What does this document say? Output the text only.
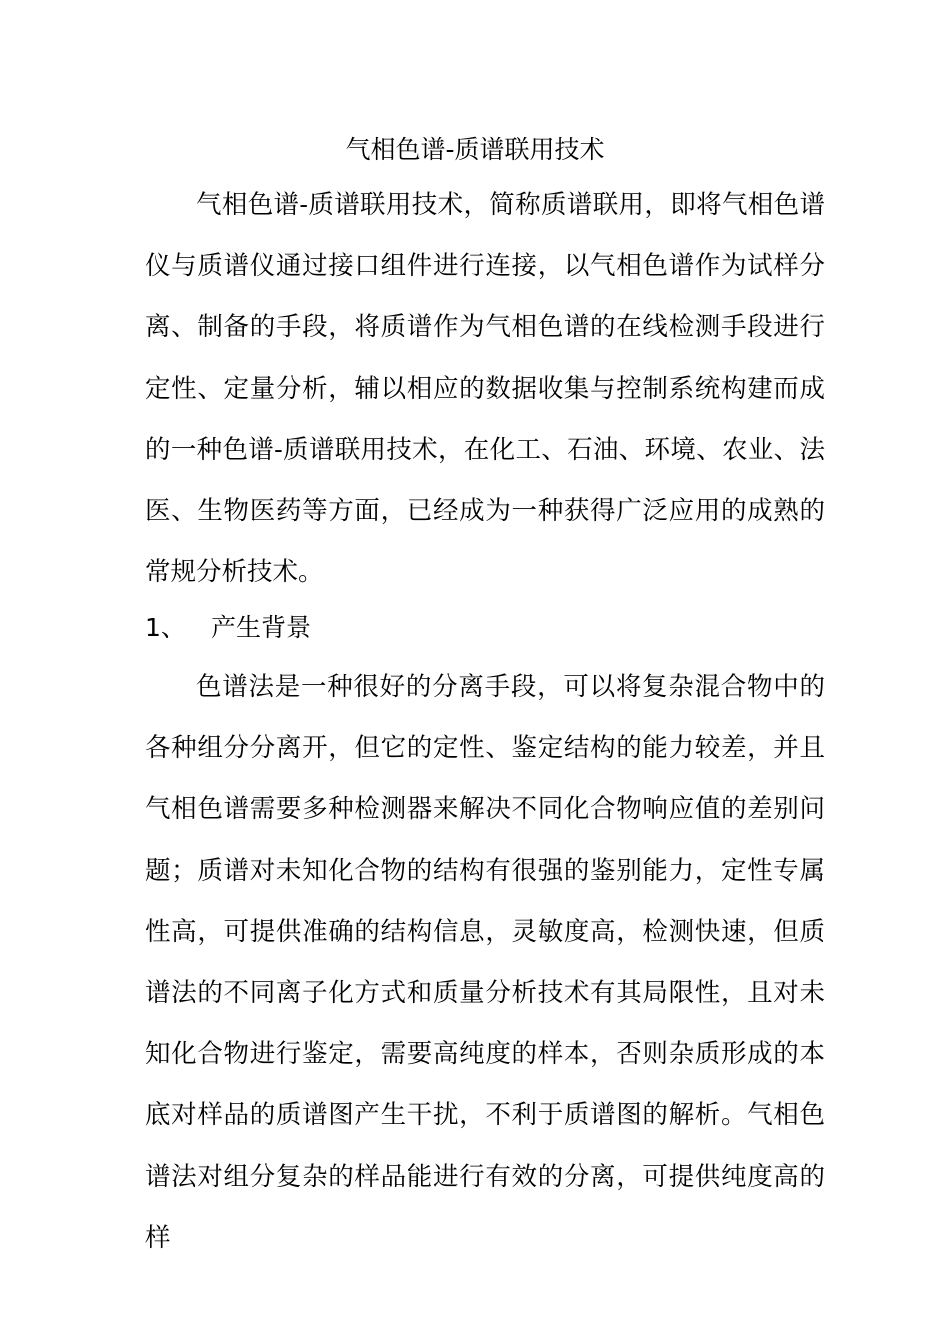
气相色谱-质谱联用技术

气相色谱-质谱联用技术，简称质谱联用，即将气相色谱仪与质谱仪通过接口组件进行连接，以气相色谱作为试样分离、制备的手段，将质谱作为气相色谱的在线检测手段进行定性、定量分析，辅以相应的数据收集与控制系统构建而成的一种色谱-质谱联用技术，在化工、石油、环境、农业、法医、生物医药等方面，已经成为一种获得广泛应用的成熟的常规分析技术。

1、 产生背景

色谱法是一种很好的分离手段，可以将复杂混合物中的各种组分分离开，但它的定性、鉴定结构的能力较差，并且气相色谱需要多种检测器来解决不同化合物响应值的差别问题；质谱对未知化合物的结构有很强的鉴别能力，定性专属性高，可提供准确的结构信息，灵敏度高，检测快速，但质谱法的不同离子化方式和质量分析技术有其局限性，且对未知化合物进行鉴定，需要高纯度的样本，否则杂质形成的本底对样品的质谱图产生干扰，不利于质谱图的解析。气相色谱法对组分复杂的样品能进行有效的分离，可提供纯度高的样
